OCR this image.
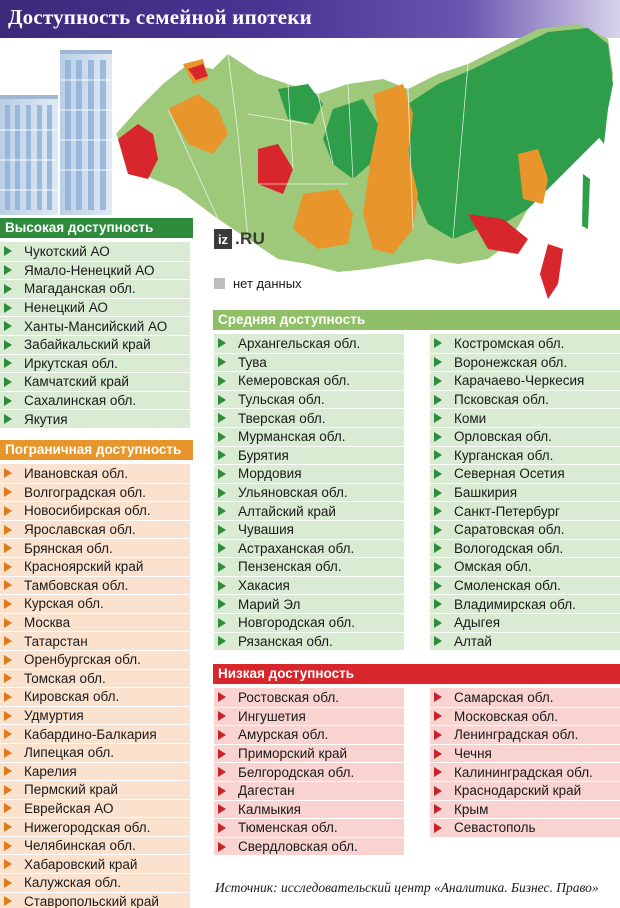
Доступность семейной ипотеки
iz .RU
нет данных
Высокая доступность
Чукотский АО
Ямало-Ненецкий АО
Магаданская обл.
Ненецкий АО
Ханты-Мансийский АО
Забайкальский край
Иркутская обл.
Камчатский край
Сахалинская обл.
Якутия
Пограничная доступность
Ивановская обл.
Волгоградская обл.
Новосибирская обл.
Ярославская обл.
Брянская обл.
Красноярский край
Тамбовская обл.
Курская обл.
Москва
Татарстан
Оренбургская обл.
Томская обл.
Кировская обл.
Удмуртия
Кабардино-Балкария
Липецкая обл.
Карелия
Пермский край
Еврейская АО
Нижегородская обл.
Челябинская обл.
Хабаровский край
Калужская обл.
Ставропольский край
Средняя доступность
Архангельская обл.
Тува
Кемеровская обл.
Тульская обл.
Тверская обл.
Мурманская обл.
Бурятия
Мордовия
Ульяновская обл.
Алтайский край
Чувашия
Астраханская обл.
Пензенская обл.
Хакасия
Марий Эл
Новгородская обл.
Рязанская обл.
Костромская обл.
Воронежская обл.
Карачаево-Черкесия
Псковская обл.
Коми
Орловская обл.
Курганская обл.
Северная Осетия
Башкирия
Санкт-Петербург
Саратовская обл.
Вологодская обл.
Омская обл.
Смоленская обл.
Владимирская обл.
Адыгея
Алтай
Низкая доступность
Ростовская обл.
Ингушетия
Амурская обл.
Приморский край
Белгородская обл.
Дагестан
Калмыкия
Тюменская обл.
Свердловская обл.
Самарская обл.
Московская обл.
Ленинградская обл.
Чечня
Калининградская обл.
Краснодарский край
Крым
Севастополь
Источник: исследовательский центр «Аналитика. Бизнес. Право»
